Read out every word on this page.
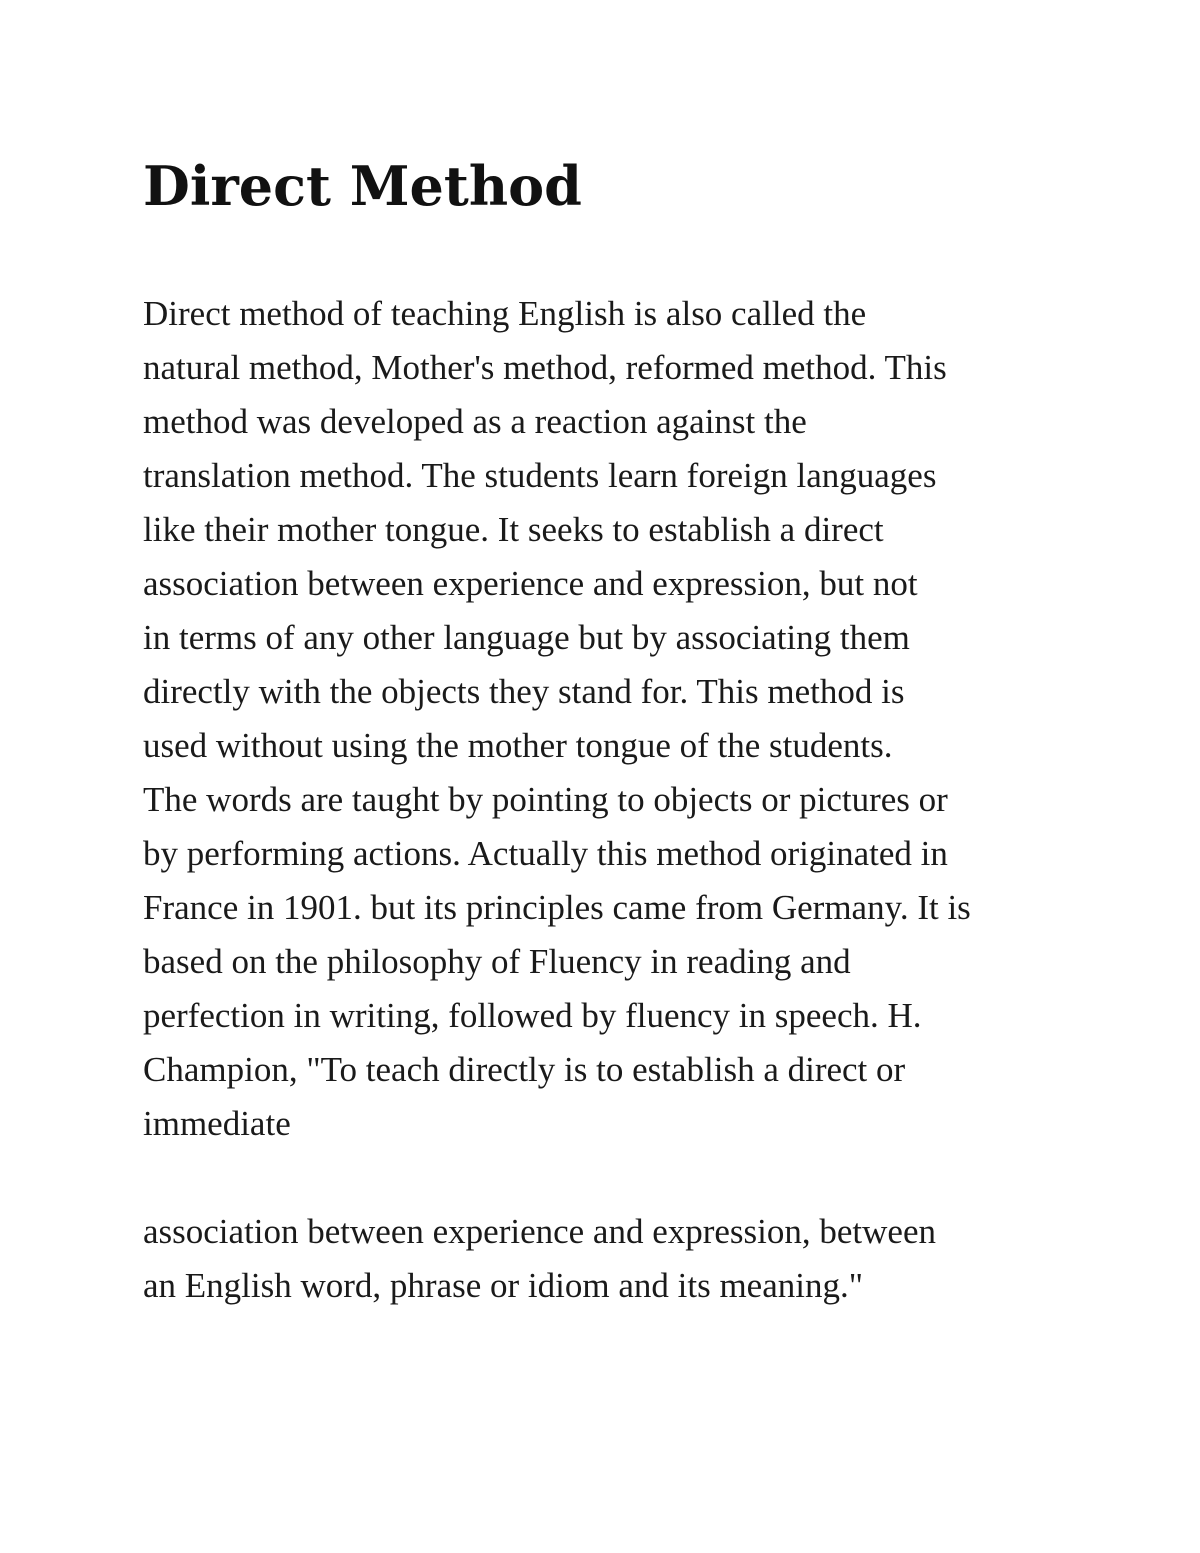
Direct Method
Direct method of teaching English is also called the
natural method, Mother's method, reformed method. This
method was developed as a reaction against the
translation method. The students learn foreign languages
like their mother tongue. It seeks to establish a direct
association between experience and expression, but not
in terms of any other language but by associating them
directly with the objects they stand for. This method is
used without using the mother tongue of the students.
The words are taught by pointing to objects or pictures or
by performing actions. Actually this method originated in
France in 1901. but its principles came from Germany. It is
based on the philosophy of Fluency in reading and
perfection in writing, followed by fluency in speech. H.
Champion, "To teach directly is to establish a direct or
immediate
association between experience and expression, between
an English word, phrase or idiom and its meaning."
